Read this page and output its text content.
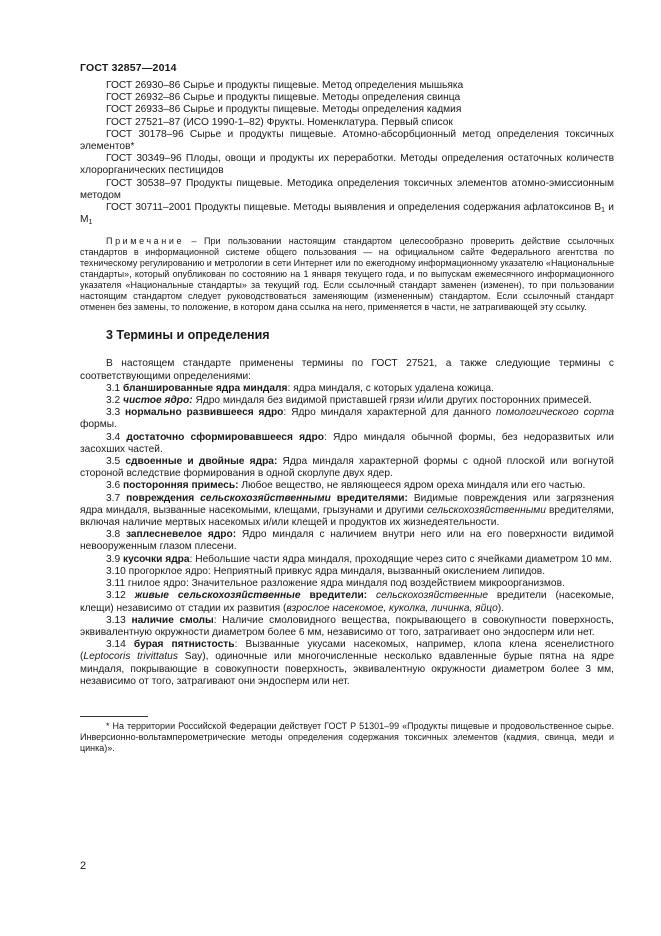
ГОСТ 32857—2014

ГОСТ 26930–86 Сырье и продукты пищевые. Метод определения мышьяка

ГОСТ 26932–86 Сырье и продукты пищевые. Методы определения свинца

ГОСТ 26933–86 Сырье и продукты пищевые. Методы определения кадмия

ГОСТ 27521–87 (ИСО 1990-1–82) Фрукты. Номенклатура. Первый список

ГОСТ 30178–96 Сырье и продукты пищевые. Атомно-абсорбционный метод определения токсичных элементов*

ГОСТ 30349–96 Плоды, овощи и продукты их переработки. Методы определения остаточных количеств хлорорганических пестицидов

ГОСТ 30538–97 Продукты пищевые. Методика определения токсичных элементов атомно-эмиссионным методом

ГОСТ 30711–2001 Продукты пищевые. Методы выявления и определения содержания афлатоксинов $B_1$ и $M_1$

Примечание – При пользовании настоящим стандартом целесообразно проверить действие ссылочных стандартов в информационной системе общего пользования — на официальном сайте Федерального агентства по техническому регулированию и метрологии в сети Интернет или по ежегодному информационному указателю «Национальные стандарты», который опубликован по состоянию на 1 января текущего года, и по выпускам ежемесячного информационного указателя «Национальные стандарты» за текущий год. Если ссылочный стандарт заменен (изменен), то при пользовании настоящим стандартом следует руководствоваться заменяющим (измененным) стандартом. Если ссылочный стандарт отменен без замены, то положение, в котором дана ссылка на него, применяется в части, не затрагивающей эту ссылку.

3 Термины и определения

В настоящем стандарте применены термины по ГОСТ 27521, а также следующие термины с соответствующими определениями:

3.1 бланшированные ядра миндаля: ядра миндаля, с которых удалена кожица.

3.2 чистое ядро: Ядро миндаля без видимой приставшей грязи и/или других посторонних примесей.

3.3 нормально развившееся ядро: Ядро миндаля характерной для данного помологического сорта формы.

3.4 достаточно сформировавшееся ядро: Ядро миндаля обычной формы, без недоразвитых или засохших частей.

3.5 сдвоенные и двойные ядра: Ядра миндаля характерной формы с одной плоской или вогнутой стороной вследствие формирования в одной скорлупе двух ядер.

3.6 посторонняя примесь: Любое вещество, не являющееся ядром ореха миндаля или его частью.

3.7 повреждения сельскохозяйственными вредителями: Видимые повреждения или загрязнения ядра миндаля, вызванные насекомыми, клещами, грызунами и другими сельскохозяйственными вредителями, включая наличие мертвых насекомых и/или клещей и продуктов их жизнедеятельности.

3.8 заплесневелое ядро: Ядро миндаля с наличием внутри него или на его поверхности видимой невооруженным глазом плесени.

3.9 кусочки ядра: Небольшие части ядра миндаля, проходящие через сито с ячейками диаметром 10 мм.

3.10 прогорклое ядро: Неприятный привкус ядра миндаля, вызванный окислением липидов.

3.11 гнилое ядро: Значительное разложение ядра миндаля под воздействием микроорганизмов.

3.12 живые сельскохозяйственные вредители: сельскохозяйственные вредители (насекомые, клещи) независимо от стадии их развития (взрослое насекомое, куколка, личинка, яйцо).

3.13 наличие смолы: Наличие смоловидного вещества, покрывающего в совокупности поверхность, эквивалентную окружности диаметром более 6 мм, независимо от того, затрагивает оно эндосперм или нет.

3.14 бурая пятнистость: Вызванные укусами насекомых, например, клопа клена ясенелистного (Leptocoris trivittatus Say), одиночные или многочисленные несколько вдавленные бурые пятна на ядре миндаля, покрывающие в совокупности поверхность, эквивалентную окружности диаметром более 3 мм, независимо от того, затрагивают они эндосперм или нет.

* На территории Российской Федерации действует ГОСТ Р 51301–99 «Продукты пищевые и продовольственное сырье. Инверсионно-вольтамперометрические методы определения содержания токсичных элементов (кадмия, свинца, меди и цинка)».

2
